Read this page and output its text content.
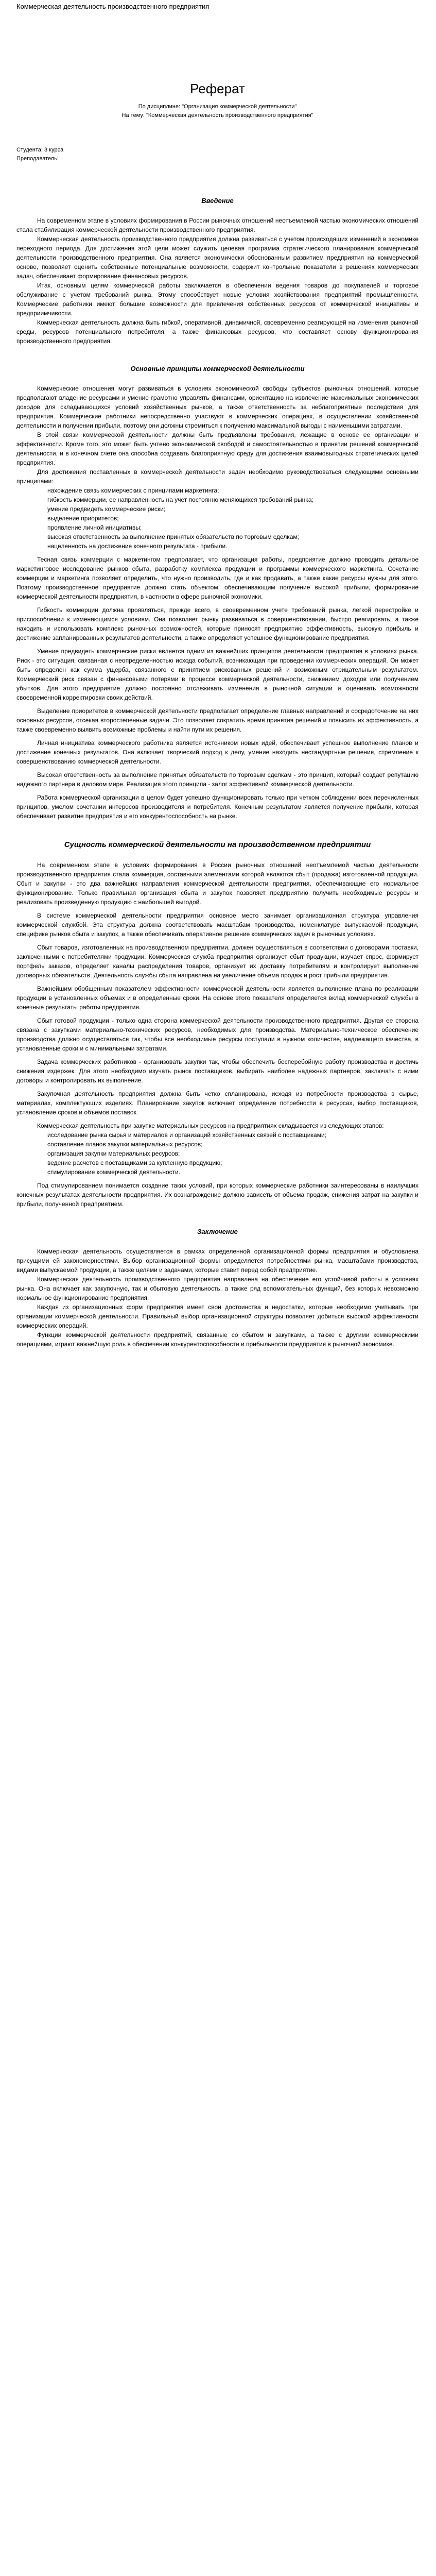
Коммерческая деятельность производственного предприятия
Реферат

По дисциплине: "Организация коммерческой деятельности"

На тему: "Коммерческая деятельность производственного предприятия"

Студента: 3 курса

Преподаватель:

Введение

На современном этапе в условиях формирования в России рыночных отношений неотъемлемой частью экономических отношений стала стабилизация коммерческой деятельности производственного предприятия.

Коммерческая деятельность производственного предприятия должна развиваться с учетом происходящих изменений в экономике переходного периода. Для достижения этой цели может служить целевая программа стратегического планирования коммерческой деятельности производственного предприятия. Она является экономически обоснованным развитием предприятия на коммерческой основе, позволяет оценить собственные потенциальные возможности, содержит контрольные показатели в решениях коммерческих задач, обеспечивает формирование финансовых ресурсов.

Итак, основным целям коммерческой работы заключается в обеспечении ведения товаров до покупателей и торговое обслуживание с учетом требований рынка. Этому способствует новые условия хозяйствования предприятий промышленности. Коммерческие работники имеют большие возможности для привлечения собственных ресурсов от коммерческой инициативы и предприимчивости.

Коммерческая деятельность должна быть гибкой, оперативной, динамичной, своевременно реагирующей на изменения рыночной среды, ресурсов потенциального потребителя, а также финансовых ресурсов, что составляет основу функционирования производственного предприятия.

Основные принципы коммерческой деятельности

Коммерческие отношения могут развиваться в условиях экономической свободы субъектов рыночных отношений, которые предполагают владение ресурсами и умение грамотно управлять финансами, ориентацию на извлечение максимальных экономических доходов для складывающихся условий хозяйственных рынков, а также ответственность за неблагоприятные последствия для предприятия. Коммерческие работники непосредственно участвуют в коммерческих операциях, в осуществлении хозяйственной деятельности и получении прибыли, поэтому они должны стремиться к получению максимальной выгоды с наименьшими затратами.

В этой связи коммерческой деятельности должны быть предъявлены требования, лежащие в основе ее организации и эффективности. Кроме того, это может быть учтено экономической свободой и самостоятельностью в принятии решений коммерческой деятельности, и в конечном счете она способна создавать благоприятную среду для достижения взаимовыгодных стратегических целей предприятия.

Для достижения поставленных в коммерческой деятельности задач необходимо руководствоваться следующими основными принципами:

нахождение связь коммерческих с принципами маркетинга;

гибкость коммерции, ее направленность на учет постоянно меняющихся требований рынка;

умение предвидеть коммерческие риски;

выделение приоритетов;

проявление личной инициативы;

высокая ответственность за выполнение принятых обязательств по торговым сделкам;

нацеленность на достижение конечного результата - прибыли.

Тесная связь коммерции с маркетингом предполагает, что организация работы, предприятие должно проводить детальное маркетинговое исследование рынков сбыта, разработку комплекса продукции и программы коммерческого маркетинга. Сочетание коммерции и маркетинга позволяет определить, что нужно производить, где и как продавать, а также какие ресурсы нужны для этого. Поэтому производственное предприятие должно стать объектом, обеспечивающим получение высокой прибыли, формирование коммерческой деятельности предприятия, в частности в сфере рыночной экономики.

Гибкость коммерции должна проявляться, прежде всего, в своевременном учете требований рынка, легкой перестройке и приспособлении к изменяющимся условиям. Она позволяет рынку развиваться в совершенствовании, быстро реагировать, а также находить и использовать комплекс рыночных возможностей, которые приносят предприятию эффективность, высокую прибыль и достижение запланированных результатов деятельности, а также определяют успешное функционирование предприятия.

Умение предвидеть коммерческие риски является одним из важнейших принципов деятельности предприятия в условиях рынка. Риск - это ситуация, связанная с неопределенностью исхода событий, возникающая при проведении коммерческих операций. Он может быть определен как сумма ущерба, связанного с принятием рискованных решений и возможным отрицательным результатом. Коммерческий риск связан с финансовыми потерями в процессе коммерческой деятельности, снижением доходов или получением убытков. Для этого предприятие должно постоянно отслеживать изменения в рыночной ситуации и оценивать возможности своевременной корректировки своих действий.

Выделение приоритетов в коммерческой деятельности предполагает определение главных направлений и сосредоточение на них основных ресурсов, отсекая второстепенные задачи. Это позволяет сократить время принятия решений и повысить их эффективность, а также своевременно выявить возможные проблемы и найти пути их решения.

Личная инициатива коммерческого работника является источником новых идей, обеспечивает успешное выполнение планов и достижение конечных результатов. Она включает творческий подход к делу, умение находить нестандартные решения, стремление к совершенствованию коммерческой деятельности.

Высокая ответственность за выполнение принятых обязательств по торговым сделкам - это принцип, который создает репутацию надежного партнера в деловом мире. Реализация этого принципа - залог эффективной коммерческой деятельности.

Работа коммерческой организации в целом будет успешно функционировать только при четком соблюдении всех перечисленных принципов, умелом сочетании интересов производителя и потребителя. Конечным результатом является получение прибыли, которая обеспечивает развитие предприятия и его конкурентоспособность на рынке.

Сущность коммерческой деятельности на производственном предприятии

На современном этапе в условиях формирования в России рыночных отношений неотъемлемой частью деятельности производственного предприятия стала коммерция, составными элементами которой являются сбыт (продажа) изготовленной продукции. Сбыт и закупки - это два важнейших направления коммерческой деятельности предприятия, обеспечивающие его нормальное функционирование. Только правильная организация сбыта и закупок позволяет предприятию получить необходимые ресурсы и реализовать произведенную продукцию с наибольшей выгодой.

В системе коммерческой деятельности предприятия основное место занимает организационная структура управления коммерческой службой. Эта структура должна соответствовать масштабам производства, номенклатуре выпускаемой продукции, специфике рынков сбыта и закупок, а также обеспечивать оперативное решение коммерческих задач в рыночных условиях.

Сбыт товаров, изготовленных на производственном предприятии, должен осуществляться в соответствии с договорами поставки, заключенными с потребителями продукции. Коммерческая служба предприятия организует сбыт продукции, изучает спрос, формирует портфель заказов, определяет каналы распределения товаров, организует их доставку потребителям и контролирует выполнение договорных обязательств. Деятельность службы сбыта направлена на увеличение объема продаж и рост прибыли предприятия.

Важнейшим обобщенным показателем эффективности коммерческой деятельности является выполнение плана по реализации продукции в установленных объемах и в определенные сроки. На основе этого показателя определяется вклад коммерческой службы в конечные результаты работы предприятия.

Сбыт готовой продукции - только одна сторона коммерческой деятельности производственного предприятия. Другая ее сторона связана с закупками материально-технических ресурсов, необходимых для производства. Материально-техническое обеспечение производства должно осуществляться так, чтобы все необходимые ресурсы поступали в нужном количестве, надлежащего качества, в установленные сроки и с минимальными затратами.

Задача коммерческих работников - организовать закупки так, чтобы обеспечить бесперебойную работу производства и достичь снижения издержек. Для этого необходимо изучать рынок поставщиков, выбирать наиболее надежных партнеров, заключать с ними договоры и контролировать их выполнение.

Закупочная деятельность предприятия должна быть четко спланирована, исходя из потребности производства в сырье, материалах, комплектующих изделиях. Планирование закупок включает определение потребности в ресурсах, выбор поставщиков, установление сроков и объемов поставок.

Коммерческая деятельность при закупке материальных ресурсов на предприятиях складывается из следующих этапов:

исследование рынка сырья и материалов и организаций хозяйственных связей с поставщиками;

составление планов закупки материальных ресурсов;

организация закупки материальных ресурсов;

ведение расчетов с поставщиками за купленную продукцию;

стимулирование коммерческой деятельности.

Под стимулированием понимается создание таких условий, при которых коммерческие работники заинтересованы в наилучших конечных результатах деятельности предприятия. Их вознаграждение должно зависеть от объема продаж, снижения затрат на закупки и прибыли, полученной предприятием.

Заключение

Коммерческая деятельность осуществляется в рамках определенной организационной формы предприятия и обусловлена присущими ей закономерностями. Выбор организационной формы определяется потребностями рынка, масштабами производства, видами выпускаемой продукции, а также целями и задачами, которые ставит перед собой предприятие.

Коммерческая деятельность производственного предприятия направлена на обеспечение его устойчивой работы в условиях рынка. Она включает как закупочную, так и сбытовую деятельность, а также ряд вспомогательных функций, без которых невозможно нормальное функционирование предприятия.

Каждая из организационных форм предприятия имеет свои достоинства и недостатки, которые необходимо учитывать при организации коммерческой деятельности. Правильный выбор организационной структуры позволяет добиться высокой эффективности коммерческих операций.

Функции коммерческой деятельности предприятий, связанные со сбытом и закупками, а также с другими коммерческими операциями, играют важнейшую роль в обеспечении конкурентоспособности и прибыльности предприятия в рыночной экономике.
